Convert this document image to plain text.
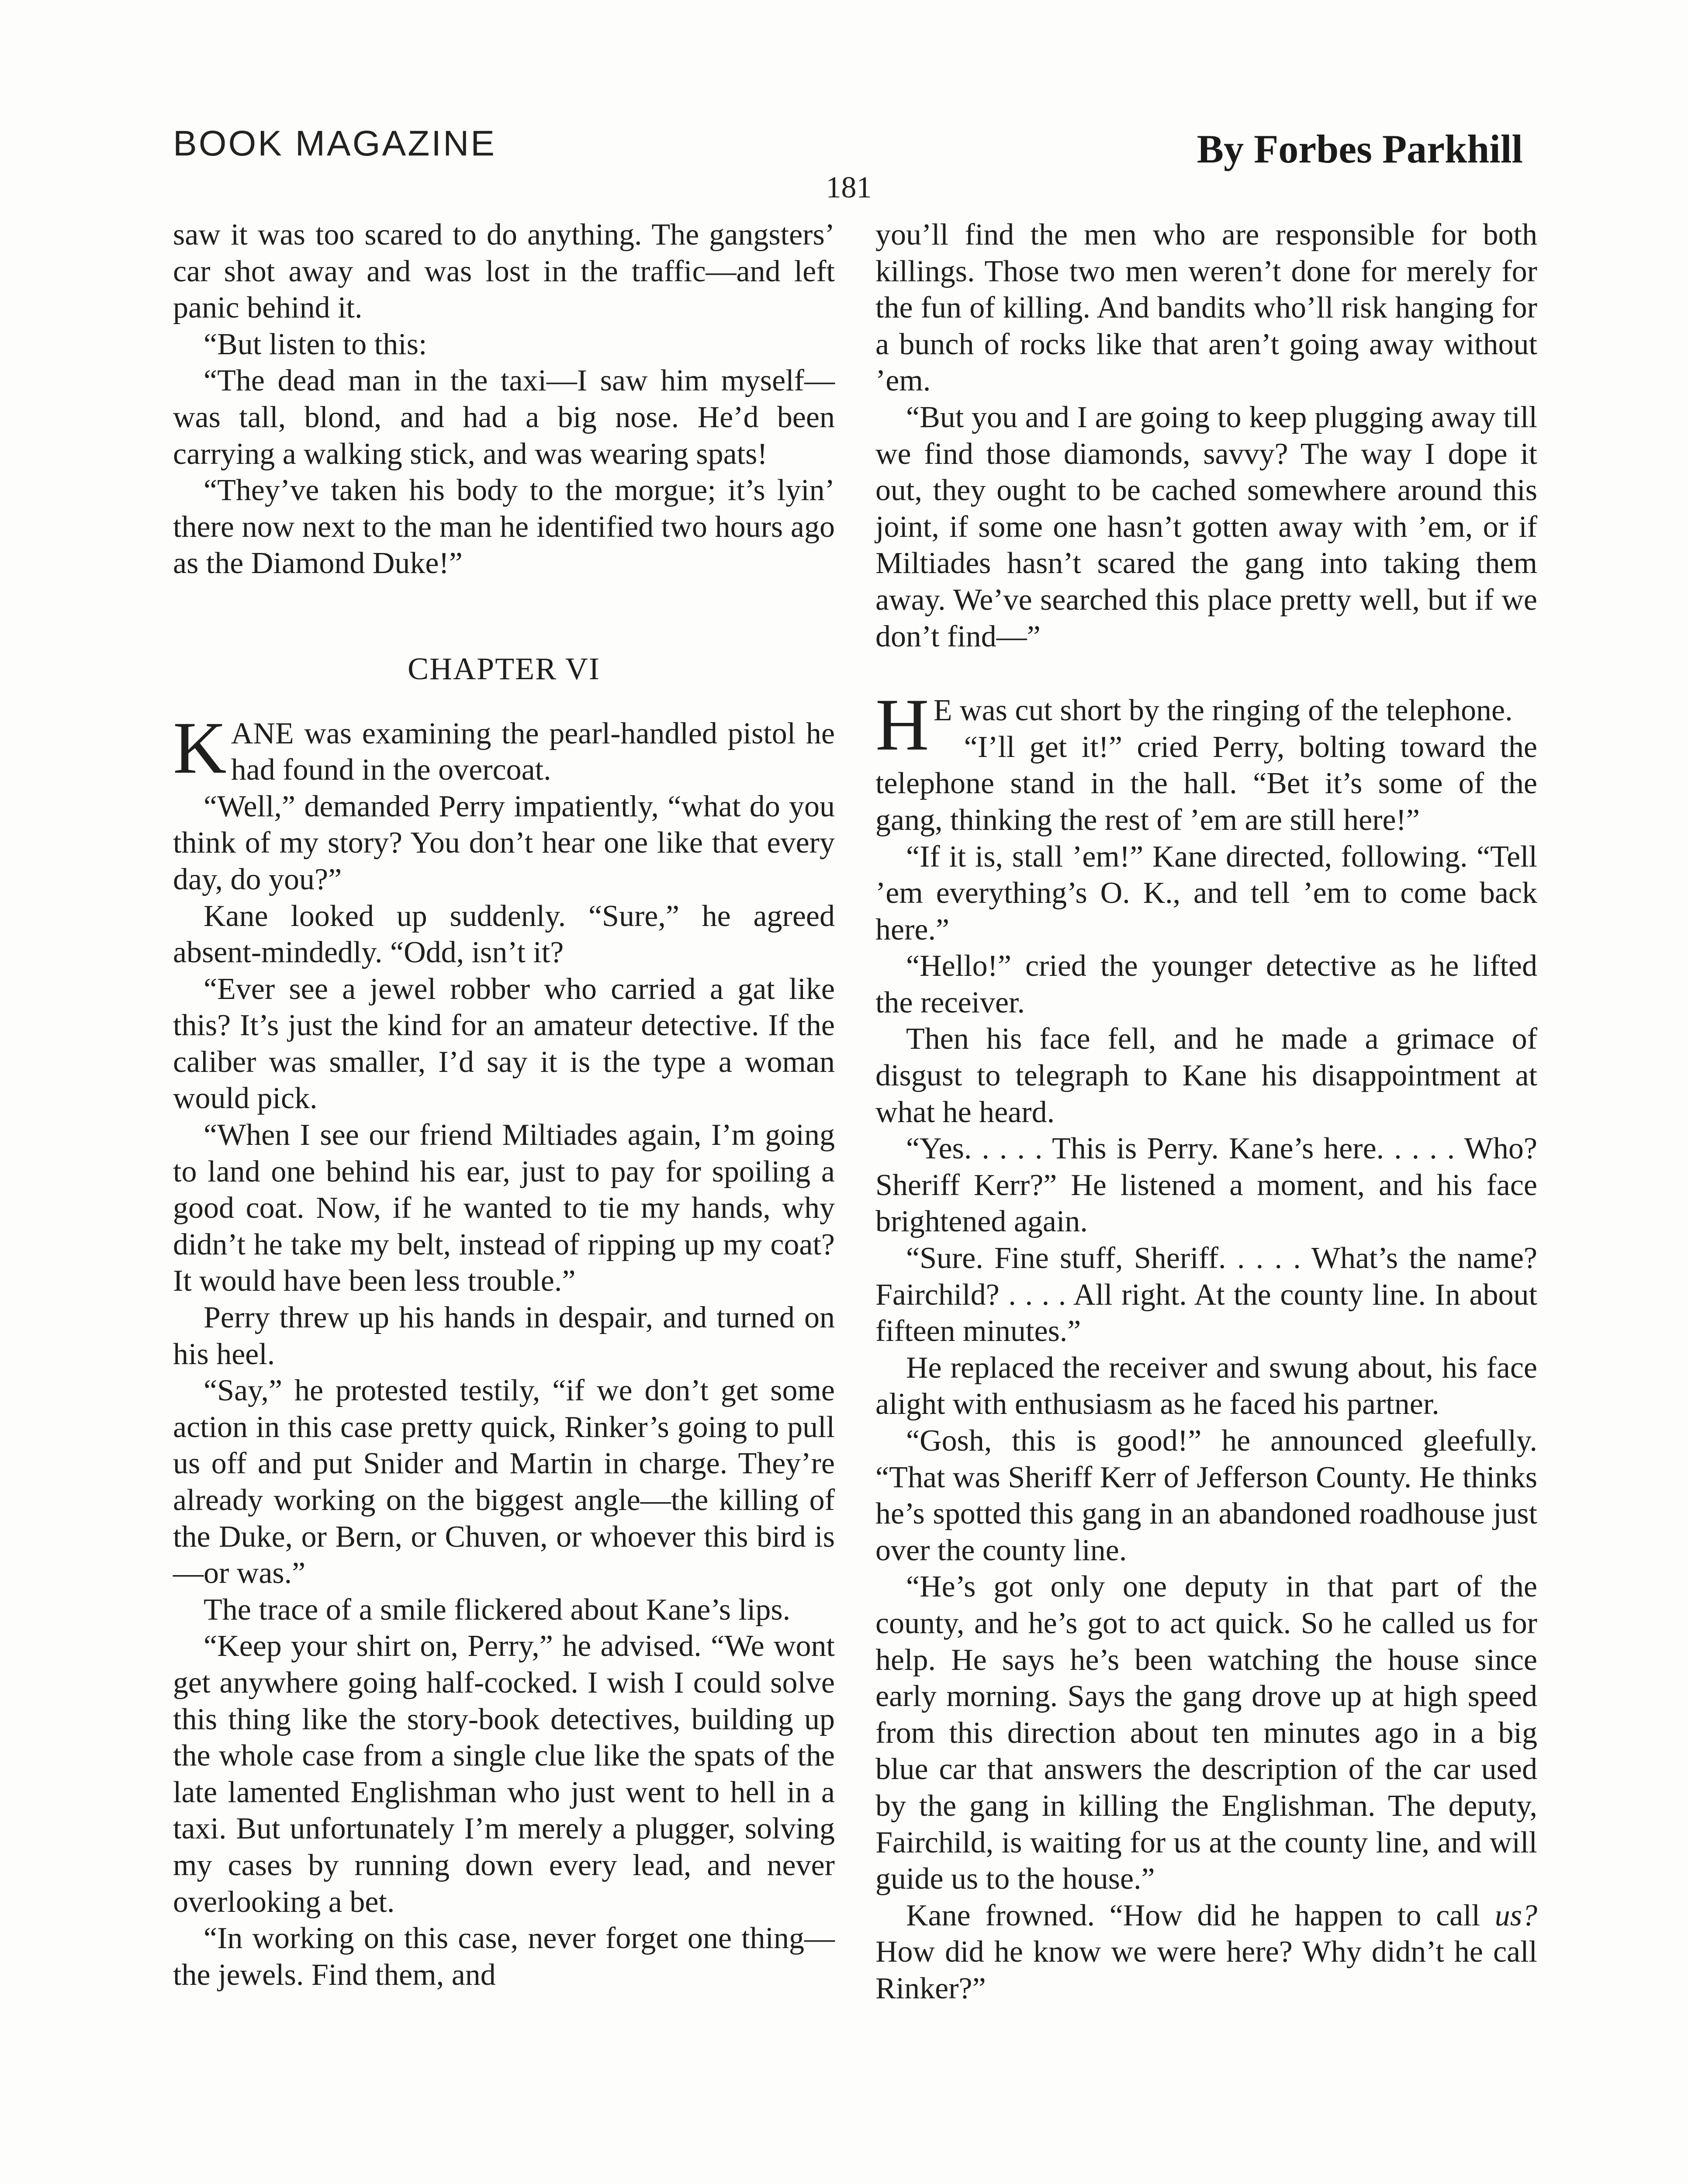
BOOK MAGAZINE	By Forbes Parkhill
181

saw it was too scared to do anything. The gangsters’ car shot away and was lost in the traffic—and left panic behind it.

“But listen to this:

“The dead man in the taxi—I saw him myself—was tall, blond, and had a big nose. He’d been carrying a walking stick, and was wearing spats!

“They’ve taken his body to the morgue; it’s lyin’ there now next to the man he identified two hours ago as the Diamond Duke!”

CHAPTER VI

KANE was examining the pearl-handled pistol he had found in the overcoat.

“Well,” demanded Perry impatiently, “what do you think of my story? You don’t hear one like that every day, do you?”

Kane looked up suddenly. “Sure,” he agreed absent-mindedly. “Odd, isn’t it?

“Ever see a jewel robber who carried a gat like this? It’s just the kind for an amateur detective. If the caliber was smaller, I’d say it is the type a woman would pick.

“When I see our friend Miltiades again, I’m going to land one behind his ear, just to pay for spoiling a good coat. Now, if he wanted to tie my hands, why didn’t he take my belt, instead of ripping up my coat? It would have been less trouble.”

Perry threw up his hands in despair, and turned on his heel.

“Say,” he protested testily, “if we don’t get some action in this case pretty quick, Rinker’s going to pull us off and put Snider and Martin in charge. They’re already working on the biggest angle—the killing of the Duke, or Bern, or Chuven, or whoever this bird is—or was.”

The trace of a smile flickered about Kane’s lips.

“Keep your shirt on, Perry,” he advised. “We wont get anywhere going half-cocked. I wish I could solve this thing like the story-book detectives, building up the whole case from a single clue like the spats of the late lamented Englishman who just went to hell in a taxi. But unfortunately I’m merely a plugger, solving my cases by running down every lead, and never overlooking a bet.

“In working on this case, never forget one thing—the jewels. Find them, and

you’ll find the men who are responsible for both killings. Those two men weren’t done for merely for the fun of killing. And bandits who’ll risk hanging for a bunch of rocks like that aren’t going away without ’em.

“But you and I are going to keep plugging away till we find those diamonds, savvy? The way I dope it out, they ought to be cached somewhere around this joint, if some one hasn’t gotten away with ’em, or if Miltiades hasn’t scared the gang into taking them away. We’ve searched this place pretty well, but if we don’t find—”

H E was cut short by the ringing of the telephone.

“I’ll get it!” cried Perry, bolting toward the telephone stand in the hall. “Bet it’s some of the gang, thinking the rest of ’em are still here!”

“If it is, stall ’em!” Kane directed, following. “Tell ’em everything’s O. K., and tell ’em to come back here.”

“Hello!” cried the younger detective as he lifted the receiver.

Then his face fell, and he made a grimace of disgust to telegraph to Kane his disappointment at what he heard.

“Yes. . . . . This is Perry. Kane’s here. . . . . Who? Sheriff Kerr?” He listened a moment, and his face brightened again.

“Sure. Fine stuff, Sheriff. . . . . What’s the name? Fairchild? . . . . All right. At the county line. In about fifteen minutes.”

He replaced the receiver and swung about, his face alight with enthusiasm as he faced his partner.

“Gosh, this is good!” he announced gleefully. “That was Sheriff Kerr of Jefferson County. He thinks he’s spotted this gang in an abandoned roadhouse just over the county line.

“He’s got only one deputy in that part of the county, and he’s got to act quick. So he called us for help. He says he’s been watching the house since early morning. Says the gang drove up at high speed from this direction about ten minutes ago in a big blue car that answers the description of the car used by the gang in killing the Englishman. The deputy, Fairchild, is waiting for us at the county line, and will guide us to the house.”

Kane frowned. “How did he happen to call us? How did he know we were here? Why didn’t he call Rinker?”
